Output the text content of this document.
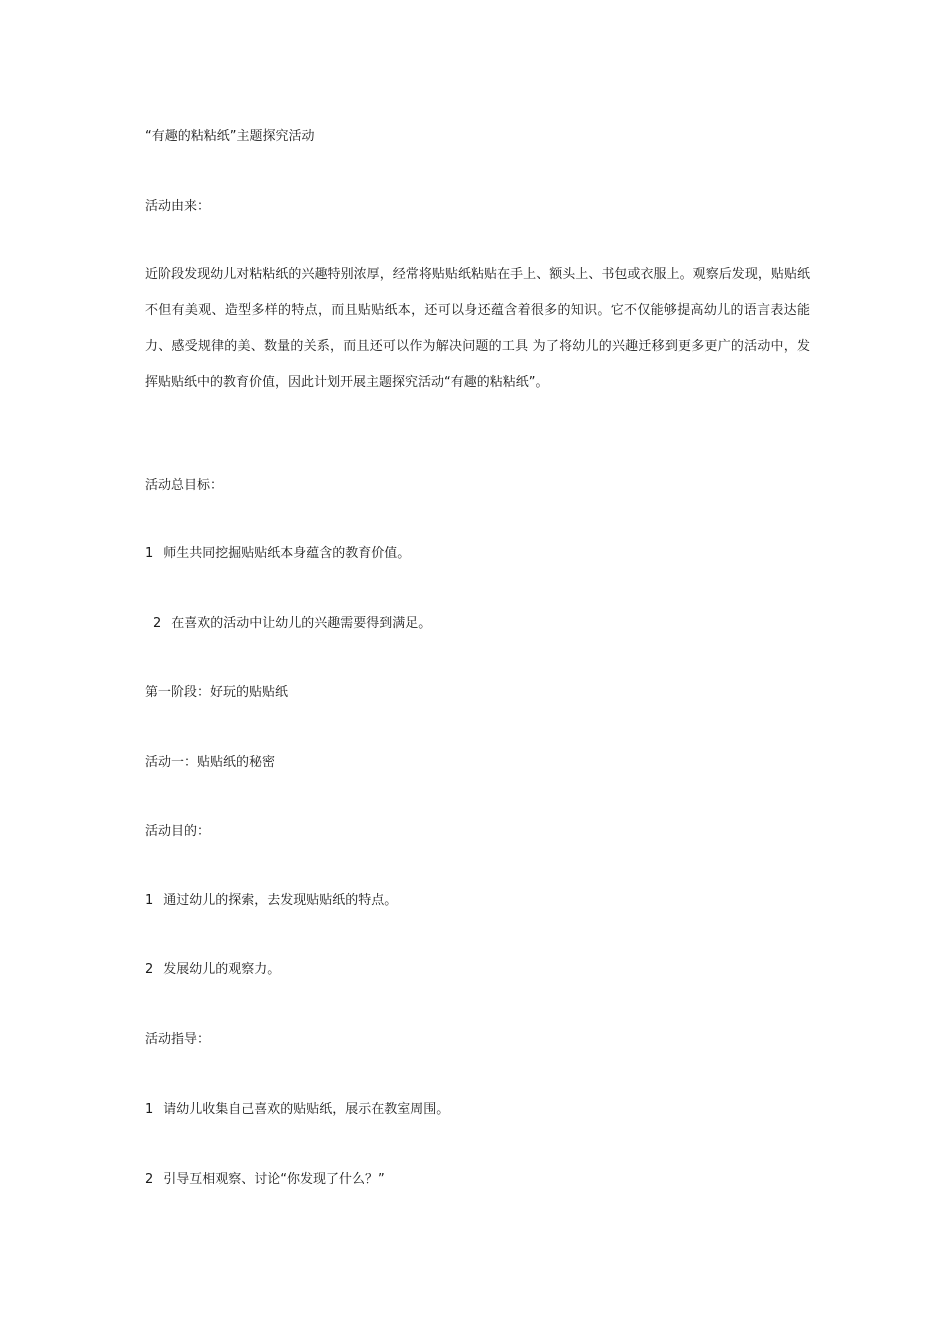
“有趣的粘粘纸”主题探究活动
活动由来：
近阶段发现幼儿对粘粘纸的兴趣特别浓厚，经常将贴贴纸粘贴在手上、额头上、书包或衣服上。观察后发现，贴贴纸不但有美观、造型多样的特点，而且贴贴纸本，还可以身还蕴含着很多的知识。它不仅能够提高幼儿的语言表达能力、感受规律的美、数量的关系，而且还可以作为解决问题的工具 为了将幼儿的兴趣迁移到更多更广的活动中，发挥贴贴纸中的教育价值，因此计划开展主题探究活动“有趣的粘粘纸”。
活动总目标：
1 师生共同挖掘贴贴纸本身蕴含的教育价值。
2 在喜欢的活动中让幼儿的兴趣需要得到满足。
第一阶段：好玩的贴贴纸
活动一：贴贴纸的秘密
活动目的：
1 通过幼儿的探索，去发现贴贴纸的特点。
2 发展幼儿的观察力。
活动指导：
1 请幼儿收集自己喜欢的贴贴纸，展示在教室周围。
2 引导互相观察、讨论“你发现了什么？”
